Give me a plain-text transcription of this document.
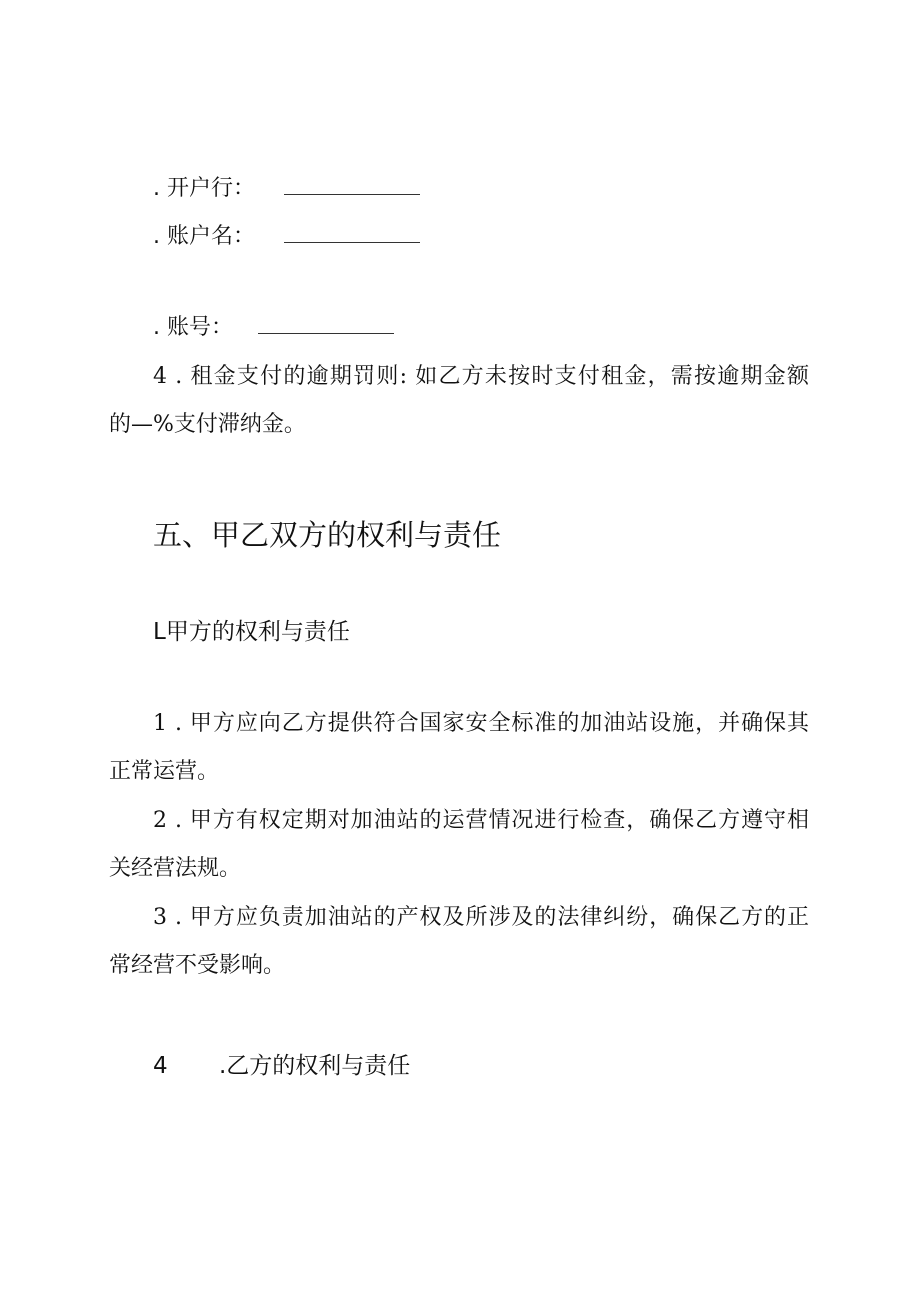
. 开户行：
. 账户名：
. 账号：
4 . 租金支付的逾期罚则: 如乙方未按时支付租金，需按逾期金额
的—%支付滞纳金。
五、甲乙双方的权利与责任
L甲方的权利与责任
1 . 甲方应向乙方提供符合国家安全标准的加油站设施，并确保其
正常运营。
2 . 甲方有权定期对加油站的运营情况进行检查，确保乙方遵守相
关经营法规。
3 . 甲方应负责加油站的产权及所涉及的法律纠纷，确保乙方的正
常经营不受影响。
4 .乙方的权利与责任
